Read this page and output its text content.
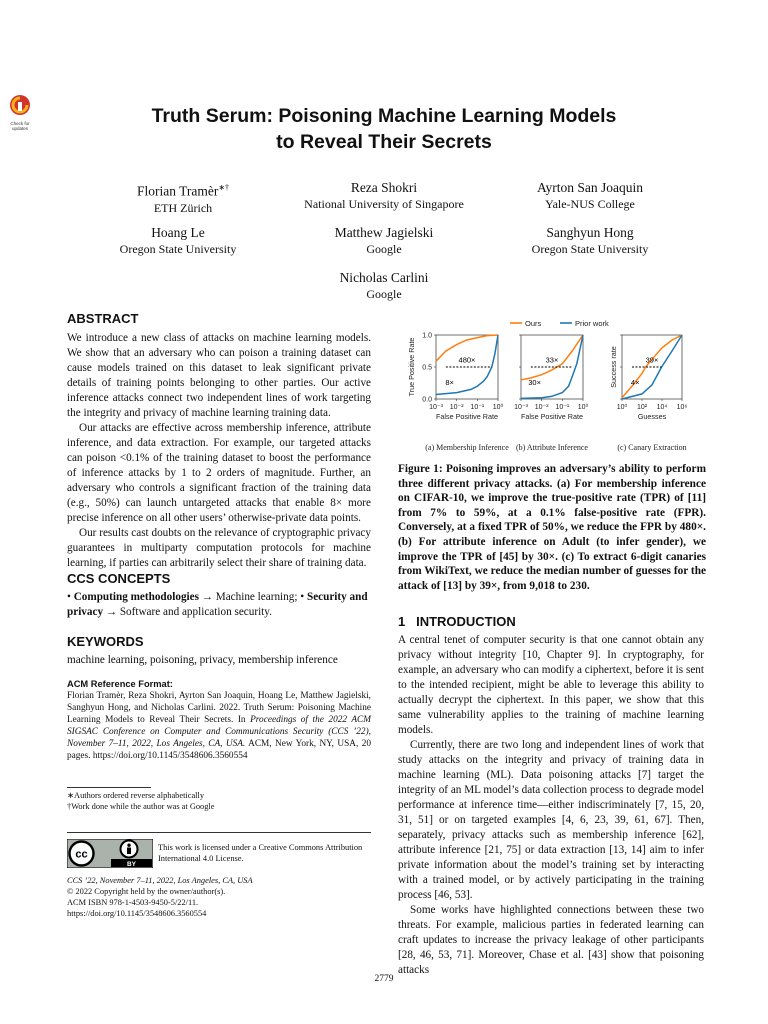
Check for
updates
Truth Serum: Poisoning Machine Learning Models
to Reveal Their Secrets
Florian Tramèr∗†
ETH Zürich
Reza Shokri
National University of Singapore
Ayrton San Joaquin
Yale-NUS College
Hoang Le
Oregon State University
Matthew Jagielski
Google
Sanghyun Hong
Oregon State University
Nicholas Carlini
Google
ABSTRACT

We introduce a new class of attacks on machine learning models. We show that an adversary who can poison a training dataset can cause models trained on this dataset to leak significant private details of training points belonging to other parties. Our active inference attacks connect two independent lines of work targeting the integrity and privacy of machine learning training data.

Our attacks are effective across membership inference, attribute inference, and data extraction. For example, our targeted attacks can poison <0.1% of the training dataset to boost the performance of inference attacks by 1 to 2 orders of magnitude. Further, an adversary who controls a significant fraction of the training data (e.g., 50%) can launch untargeted attacks that enable 8× more precise inference on all other users’ otherwise-private data points.

Our results cast doubts on the relevance of cryptographic privacy guarantees in multiparty computation protocols for machine learning, if parties can arbitrarily select their share of training data.

CCS CONCEPTS
• Computing methodologies → Machine learning; • Security and privacy → Software and application security.
KEYWORDS
machine learning, poisoning, privacy, membership inference
ACM Reference Format:
Florian Tramèr, Reza Shokri, Ayrton San Joaquin, Hoang Le, Matthew Jagielski, Sanghyun Hong, and Nicholas Carlini. 2022. Truth Serum: Poisoning Machine Learning Models to Reveal Their Secrets. In Proceedings of the 2022 ACM SIGSAC Conference on Computer and Communications Security (CCS ’22), November 7–11, 2022, Los Angeles, CA, USA. ACM, New York, NY, USA, 20 pages. https://doi.org/10.1145/3548606.3560554
∗Authors ordered reverse alphabetically
†Work done while the author was at Google
cc
BY
This work is licensed under a Creative Commons Attribution International 4.0 License.
CCS ’22, November 7–11, 2022, Los Angeles, CA, USA
© 2022 Copyright held by the owner/author(s).
ACM ISBN 978-1-4503-9450-5/22/11.
https://doi.org/10.1145/3548606.3560554
Ours	Prior work
0.0
0.5
1.0
10⁻³ 10⁻² 10⁻¹ 10⁰
480×
8×
False Positive Rate
True Positive Rate
(a) Membership Inference
10⁻³ 10⁻² 10⁻¹ 10⁰
33×
30×
False Positive Rate
(b) Attribute Inference
10⁰ 10² 10⁴ 10⁶
39×
4×
Guesses
Success rate
(c) Canary Extraction
Figure 1: Poisoning improves an adversary’s ability to perform three different privacy attacks. (a) For membership inference on CIFAR-10, we improve the true-positive rate (TPR) of [11] from 7% to 59%, at a 0.1% false-positive rate (FPR). Conversely, at a fixed TPR of 50%, we reduce the FPR by 480×. (b) For attribute inference on Adult (to infer gender), we improve the TPR of [45] by 30×. (c) To extract 6-digit canaries from WikiText, we reduce the median number of guesses for the attack of [13] by 39×, from 9,018 to 230.
1 INTRODUCTION

A central tenet of computer security is that one cannot obtain any privacy without integrity [10, Chapter 9]. In cryptography, for example, an adversary who can modify a ciphertext, before it is sent to the intended recipient, might be able to leverage this ability to actually decrypt the ciphertext. In this paper, we show that this same vulnerability applies to the training of machine learning models.

Currently, there are two long and independent lines of work that study attacks on the integrity and privacy of training data in machine learning (ML). Data poisoning attacks [7] target the integrity of an ML model’s data collection process to degrade model performance at inference time—either indiscriminately [7, 15, 20, 31, 51] or on targeted examples [4, 6, 23, 39, 61, 67]. Then, separately, privacy attacks such as membership inference [62], attribute inference [21, 75] or data extraction [13, 14] aim to infer private information about the model’s training set by interacting with a trained model, or by actively participating in the training process [46, 53].

Some works have highlighted connections between these two threats. For example, malicious parties in federated learning can craft updates to increase the privacy leakage of other participants [28, 46, 53, 71]. Moreover, Chase et al. [43] show that poisoning attacks

2779
